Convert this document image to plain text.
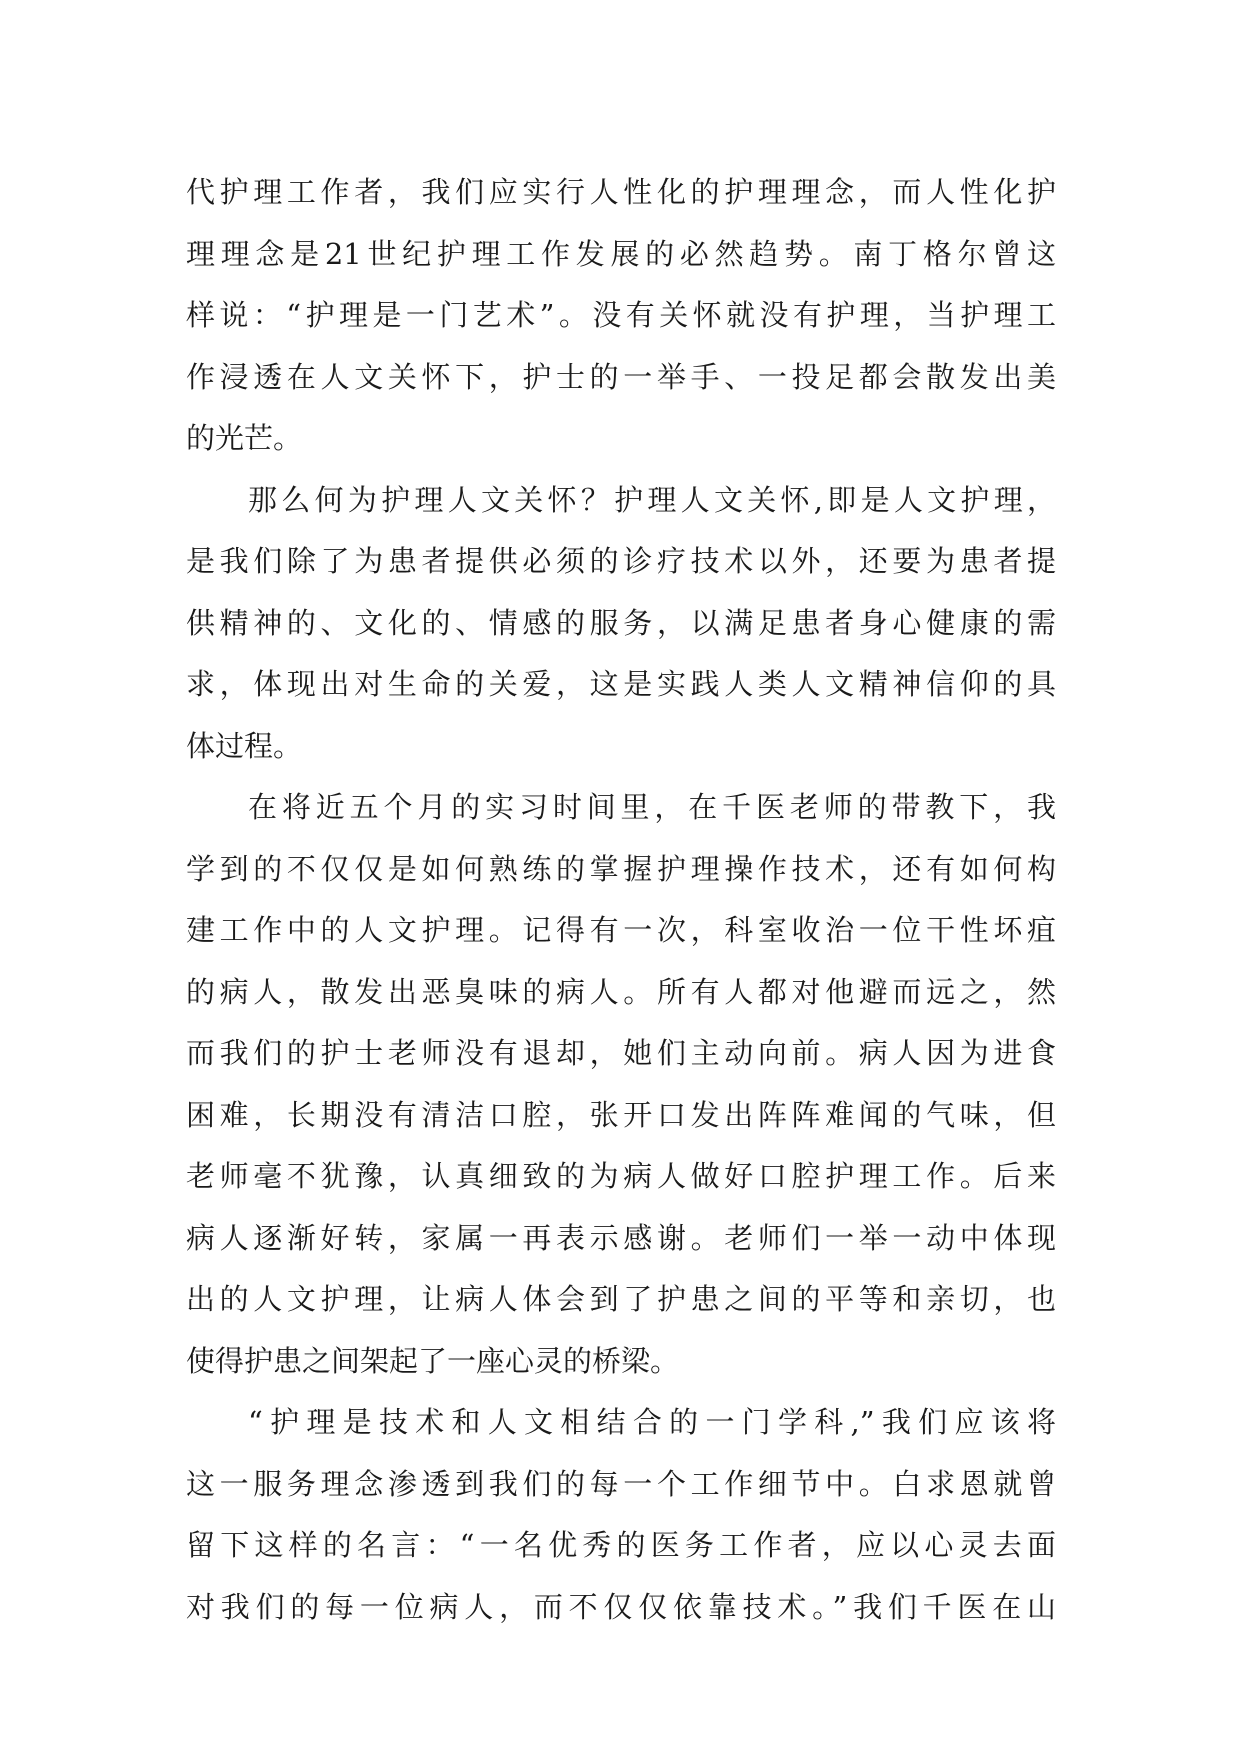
代护理工作者，我们应实行人性化的护理理念，而人性化护
理理念是21世纪护理工作发展的必然趋势。南丁格尔曾这
样说：“护理是一门艺术”。没有关怀就没有护理，当护理工
作浸透在人文关怀下，护士的一举手、一投足都会散发出美
的光芒。
那么何为护理人文关怀？护理人文关怀,即是人文护理，
是我们除了为患者提供必须的诊疗技术以外，还要为患者提
供精神的、文化的、情感的服务，以满足患者身心健康的需
求，体现出对生命的关爱，这是实践人类人文精神信仰的具
体过程。
在将近五个月的实习时间里，在千医老师的带教下，我
学到的不仅仅是如何熟练的掌握护理操作技术，还有如何构
建工作中的人文护理。记得有一次，科室收治一位干性坏疽
的病人，散发出恶臭味的病人。所有人都对他避而远之，然
而我们的护士老师没有退却，她们主动向前。病人因为进食
困难，长期没有清洁口腔，张开口发出阵阵难闻的气味，但
老师毫不犹豫，认真细致的为病人做好口腔护理工作。后来
病人逐渐好转，家属一再表示感谢。老师们一举一动中体现
出的人文护理，让病人体会到了护患之间的平等和亲切，也
使得护患之间架起了一座心灵的桥梁。
“护理是技术和人文相结合的一门学科,”我们应该将
这一服务理念渗透到我们的每一个工作细节中。白求恩就曾
留下这样的名言：“一名优秀的医务工作者，应以心灵去面
对我们的每一位病人，而不仅仅依靠技术。”我们千医在山
